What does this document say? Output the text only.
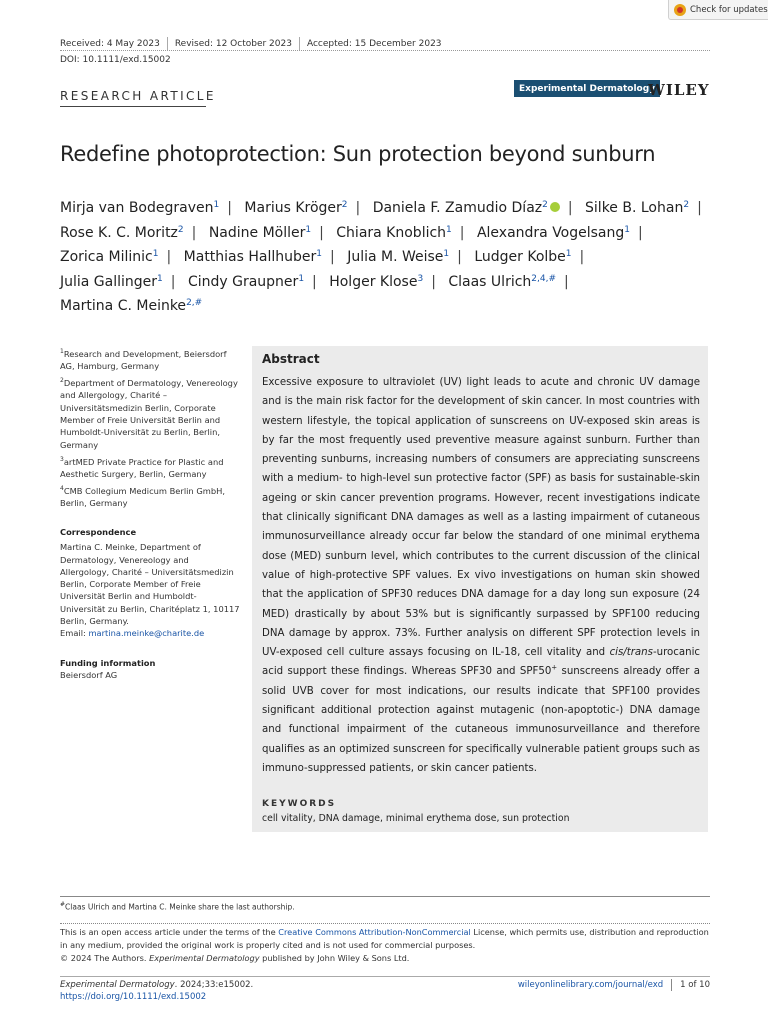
Check for updates
Received: 4 May 2023 Revised: 12 October 2023 Accepted: 15 December 2023
DOI: 10.1111/exd.15002
RESEARCH ARTICLE
Experimental Dermatology
WILEY
Redefine photoprotection: Sun protection beyond sunburn
Mirja van Bodegraven$^1$ | Marius Kröger$^2$ | Daniela F. Zamudio Díaz$^2$ | Silke B. Lohan$^2$ |
Rose K. C. Moritz$^2$ | Nadine Möller$^1$ | Chiara Knoblich$^1$ | Alexandra Vogelsang$^1$ |
Zorica Milinic$^1$ | Matthias Hallhuber$^1$ | Julia M. Weise$^1$ | Ludger Kolbe$^1$ |
Julia Gallinger$^1$ | Cindy Graupner$^1$ | Holger Klose$^3$ | Claas Ulrich$^{2,4,\#}$ |
Martina C. Meinke$^{2,\#}$

$^1$Research and Development, Beiersdorf AG, Hamburg, Germany

$^2$Department of Dermatology, Venereology and Allergology, Charité – Universitätsmedizin Berlin, Corporate Member of Freie Universität Berlin and Humboldt-Universität zu Berlin, Berlin, Germany

$^3$artMED Private Practice for Plastic and Aesthetic Surgery, Berlin, Germany

$^4$CMB Collegium Medicum Berlin GmbH, Berlin, Germany

Correspondence

Martina C. Meinke, Department of Dermatology, Venereology and Allergology, Charité – Universitätsmedizin Berlin, Corporate Member of Freie Universität Berlin and Humboldt-Universität zu Berlin, Charitéplatz 1, 10117 Berlin, Germany.

Email: martina.meinke@charite.de

Funding information

Beiersdorf AG

Abstract
Excessive exposure to ultraviolet (UV) light leads to acute and chronic UV damage and is the main risk factor for the development of skin cancer. In most countries with western lifestyle, the topical application of sunscreens on UV-exposed skin areas is by far the most frequently used preventive measure against sunburn. Further than preventing sunburns, increasing numbers of consumers are appreciating sunscreens with a medium- to high-level sun protective factor (SPF) as basis for sustainable-skin ageing or skin cancer prevention programs. However, recent investigations indicate that clinically significant DNA damages as well as a lasting impairment of cutaneous immunosurveillance already occur far below the standard of one minimal erythema dose (MED) sunburn level, which contributes to the current discussion of the clinical value of high-protective SPF values. Ex vivo investigations on human skin showed that the application of SPF30 reduces DNA damage for a day long sun exposure (24 MED) drastically by about 53% but is significantly surpassed by SPF100 reducing DNA damage by approx. 73%. Further analysis on different SPF protection levels in UV-exposed cell culture assays focusing on IL-18, cell vitality and cis/trans-urocanic acid support these findings. Whereas SPF30 and SPF50+ sunscreens already offer a solid UVB cover for most indications, our results indicate that SPF100 provides significant additional protection against mutagenic (non-apoptotic-) DNA damage and functional impairment of the cutaneous immunosurveillance and therefore qualifies as an optimized sunscreen for specifically vulnerable patient groups such as immuno-suppressed patients, or skin cancer patients.
KEYWORDS
cell vitality, DNA damage, minimal erythema dose, sun protection
#Claas Ulrich and Martina C. Meinke share the last authorship.
This is an open access article under the terms of the Creative Commons Attribution-NonCommercial License, which permits use, distribution and reproduction in any medium, provided the original work is properly cited and is not used for commercial purposes.
© 2024 The Authors. Experimental Dermatology published by John Wiley & Sons Ltd.
Experimental Dermatology. 2024;33:e15002.
https://doi.org/10.1111/exd.15002
wileyonlinelibrary.com/journal/exd 1 of 10
